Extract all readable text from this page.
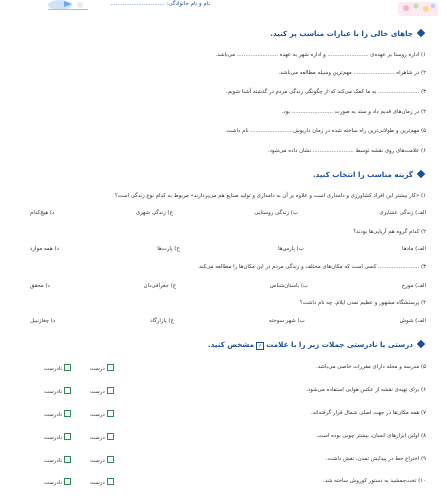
نام و نام خانوادگی: ...............................
جاهای خالی را با عبارات مناسب پر کنید.
۱) اداره روستا بر عهده‌ی ........................ و اداره شهر به عهده ........................ می‌باشد.
۲) در شاهراه ........................ مهم‌ترین وسیله مطالعه می‌باشد.
۳) ........................ به ما کمک می‌کند که از چگونگی زندگی مردم در گذشته آشنا شویم.
۴) در زمان‌های قدیم داد و ستد به صورت ........................ بود.
۵) مهم‌ترین و طولانی‌ترین راه ساخته شده در زمان داریوش ........................ نام داشت.
۶) علامت‌های روی نقشه توسط ........................ نشان داده می‌شود.
گزینه مناسب را انتخاب کنید.
۱) «کار بیشتر این افراد کشاورزی و دامداری است و علاوه بر آن به دامداری و تولید صنایع هم می‌پردازند» مربوط به کدام نوع زندگی است؟
الف) زندگی عشایری
ب) زندگی روستایی
ج) زندگی شهری
د) هیچ‌کدام
۲) کدام گروه هم آریایی‌ها بودند؟
الف) مادها
ب) پارس‌ها
ج) پارت‌ها
د) همه موارد
۳) ........................ کسی است که مکان‌های مختلف و زندگی مردم در این مکان‌ها را مطالعه می‌کند.
الف) مورخ
ب) باستان‌شناس
ج) جغرافی‌دان
د) محقق
۴) پرستشگاه مشهور و عظیم تمدن ایلام، چه نام داشت؟
الف) شوش
ب) شهر سوخته
ج) پازارگاد
د) چغازنبیل
درستی یا نادرستی جملات زیر را با علامت✓مشخص کنید.
۵) مدرسه و محله دارای مقررات خاصی می‌باشد.
درست
نادرست
۶) برای تهیه‌ی نقشه از عکس هوایی استفاده می‌شود.
درست
نادرست
۷) همه مکان‌ها در جهت اصلی شمال قرار گرفته‌اند.
درست
نادرست
۸) اولین ابزارهای انسان، بیشتر چوبی بوده است.
درست
نادرست
۹) اختراع خط در پیدایش تمدن، نقش داشت.
درست
نادرست
۱۰) تخت‌جمشید به دستور کوروش ساخته شد.
درست
نادرست
